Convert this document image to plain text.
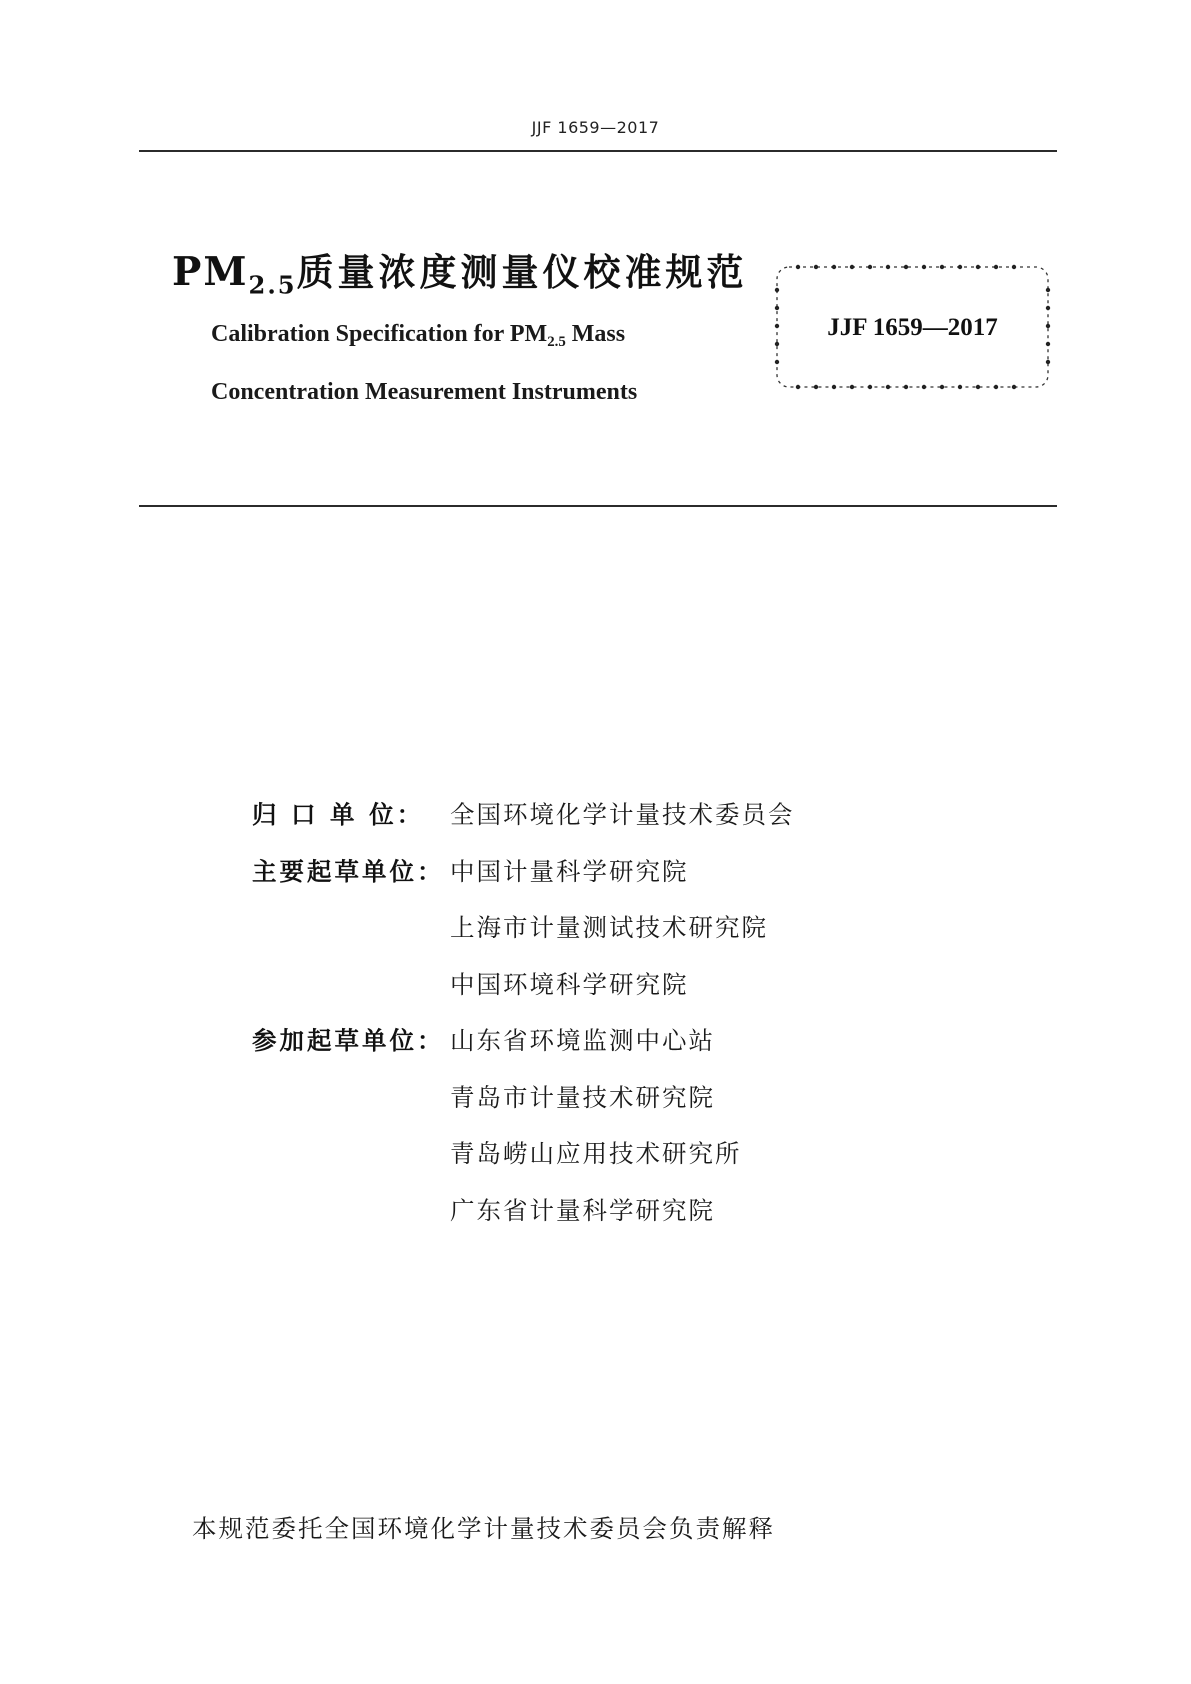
JJF 1659—2017
$PM_{2.5}$质量浓度测量仪校准规范
Calibration Specification for $PM_{2.5}$ Mass
Concentration Measurement Instruments
JJF 1659—2017
归 口 单 位：	全国环境化学计量技术委员会
主要起草单位： 中国计量科学研究院
上海市计量测试技术研究院
中国环境科学研究院
参加起草单位： 山东省环境监测中心站
青岛市计量技术研究院
青岛崂山应用技术研究所
广东省计量科学研究院
本规范委托全国环境化学计量技术委员会负责解释
